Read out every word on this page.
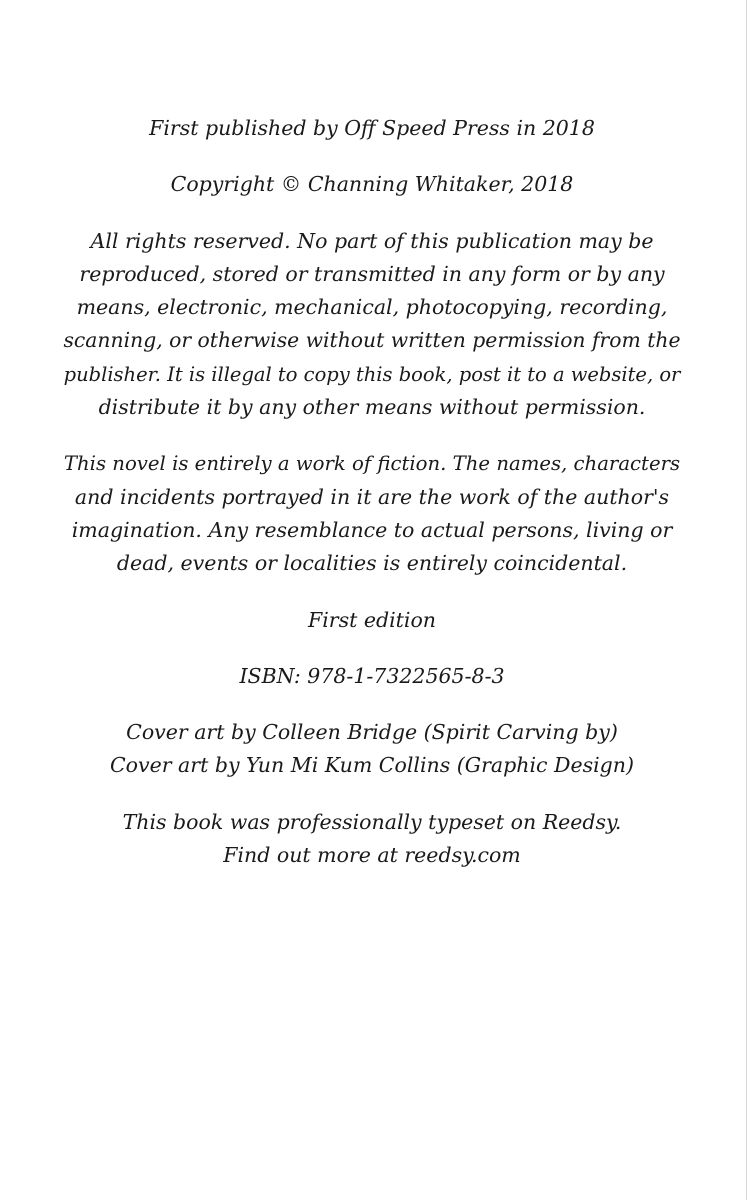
First published by Off Speed Press in 2018

Copyright © Channing Whitaker, 2018

All rights reserved. No part of this publication may be
reproduced, stored or transmitted in any form or by any
means, electronic, mechanical, photocopying, recording,
scanning, or otherwise without written permission from the
publisher. It is illegal to copy this book, post it to a website, or
distribute it by any other means without permission.

This novel is entirely a work of fiction. The names, characters
and incidents portrayed in it are the work of the author's
imagination. Any resemblance to actual persons, living or
dead, events or localities is entirely coincidental.

First edition

ISBN: 978-1-7322565-8-3

Cover art by Colleen Bridge (Spirit Carving by)
Cover art by Yun Mi Kum Collins (Graphic Design)

This book was professionally typeset on Reedsy.
Find out more at reedsy.com
